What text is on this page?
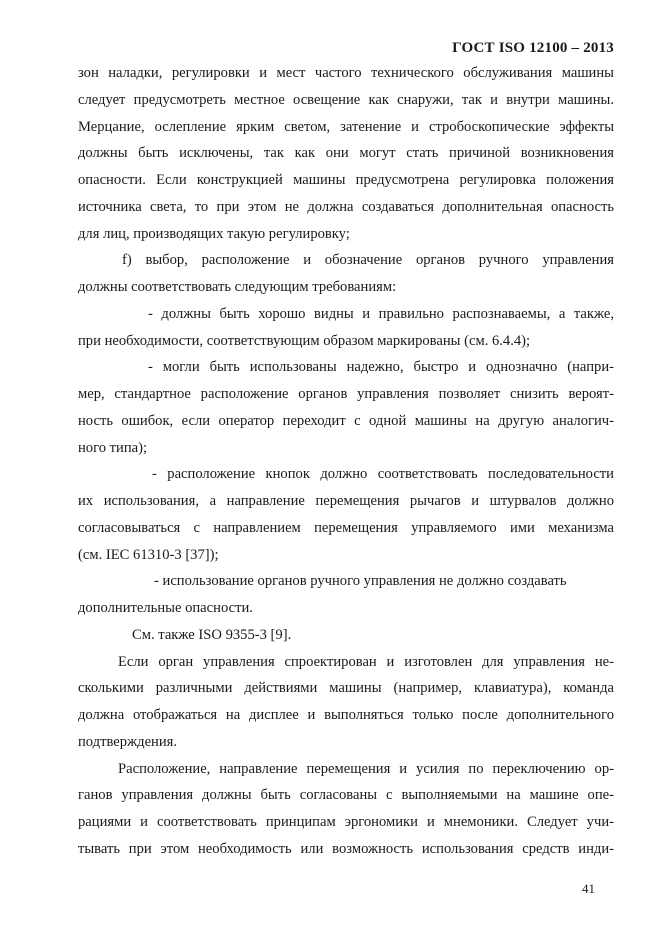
ГОСТ ISO 12100 – 2013
зон наладки, регулировки и мест частого технического обслуживания машины
следует предусмотреть местное освещение как снаружи, так и внутри машины.
Мерцание, ослепление ярким светом, затенение и стробоскопические эффекты
должны быть исключены, так как они могут стать причиной возникновения
опасности. Если конструкцией машины предусмотрена регулировка положения
источника света, то при этом не должна создаваться дополнительная опасность
для лиц, производящих такую регулировку;
f) выбор, расположение и обозначение органов ручного управления
должны соответствовать следующим требованиям:
- должны быть хорошо видны и правильно распознаваемы, а также,
при необходимости, соответствующим образом маркированы (см. 6.4.4);
- могли быть использованы надежно, быстро и однозначно (напри-
мер, стандартное расположение органов управления позволяет снизить вероят-
ность ошибок, если оператор переходит с одной машины на другую аналогич-
ного типа);
- расположение кнопок должно соответствовать последовательности
их использования, а направление перемещения рычагов и штурвалов должно
согласовываться с направлением перемещения управляемого ими механизма
(см. IEC 61310-3 [37]);
- использование органов ручного управления не должно создавать
дополнительные опасности.
См. также ISO 9355-3 [9].
Если орган управления спроектирован и изготовлен для управления не-
сколькими различными действиями машины (например, клавиатура), команда
должна отображаться на дисплее и выполняться только после дополнительного
подтверждения.
Расположение, направление перемещения и усилия по переключению ор-
ганов управления должны быть согласованы с выполняемыми на машине опе-
рациями и соответствовать принципам эргономики и мнемоники. Следует учи-
тывать при этом необходимость или возможность использования средств инди-
41
